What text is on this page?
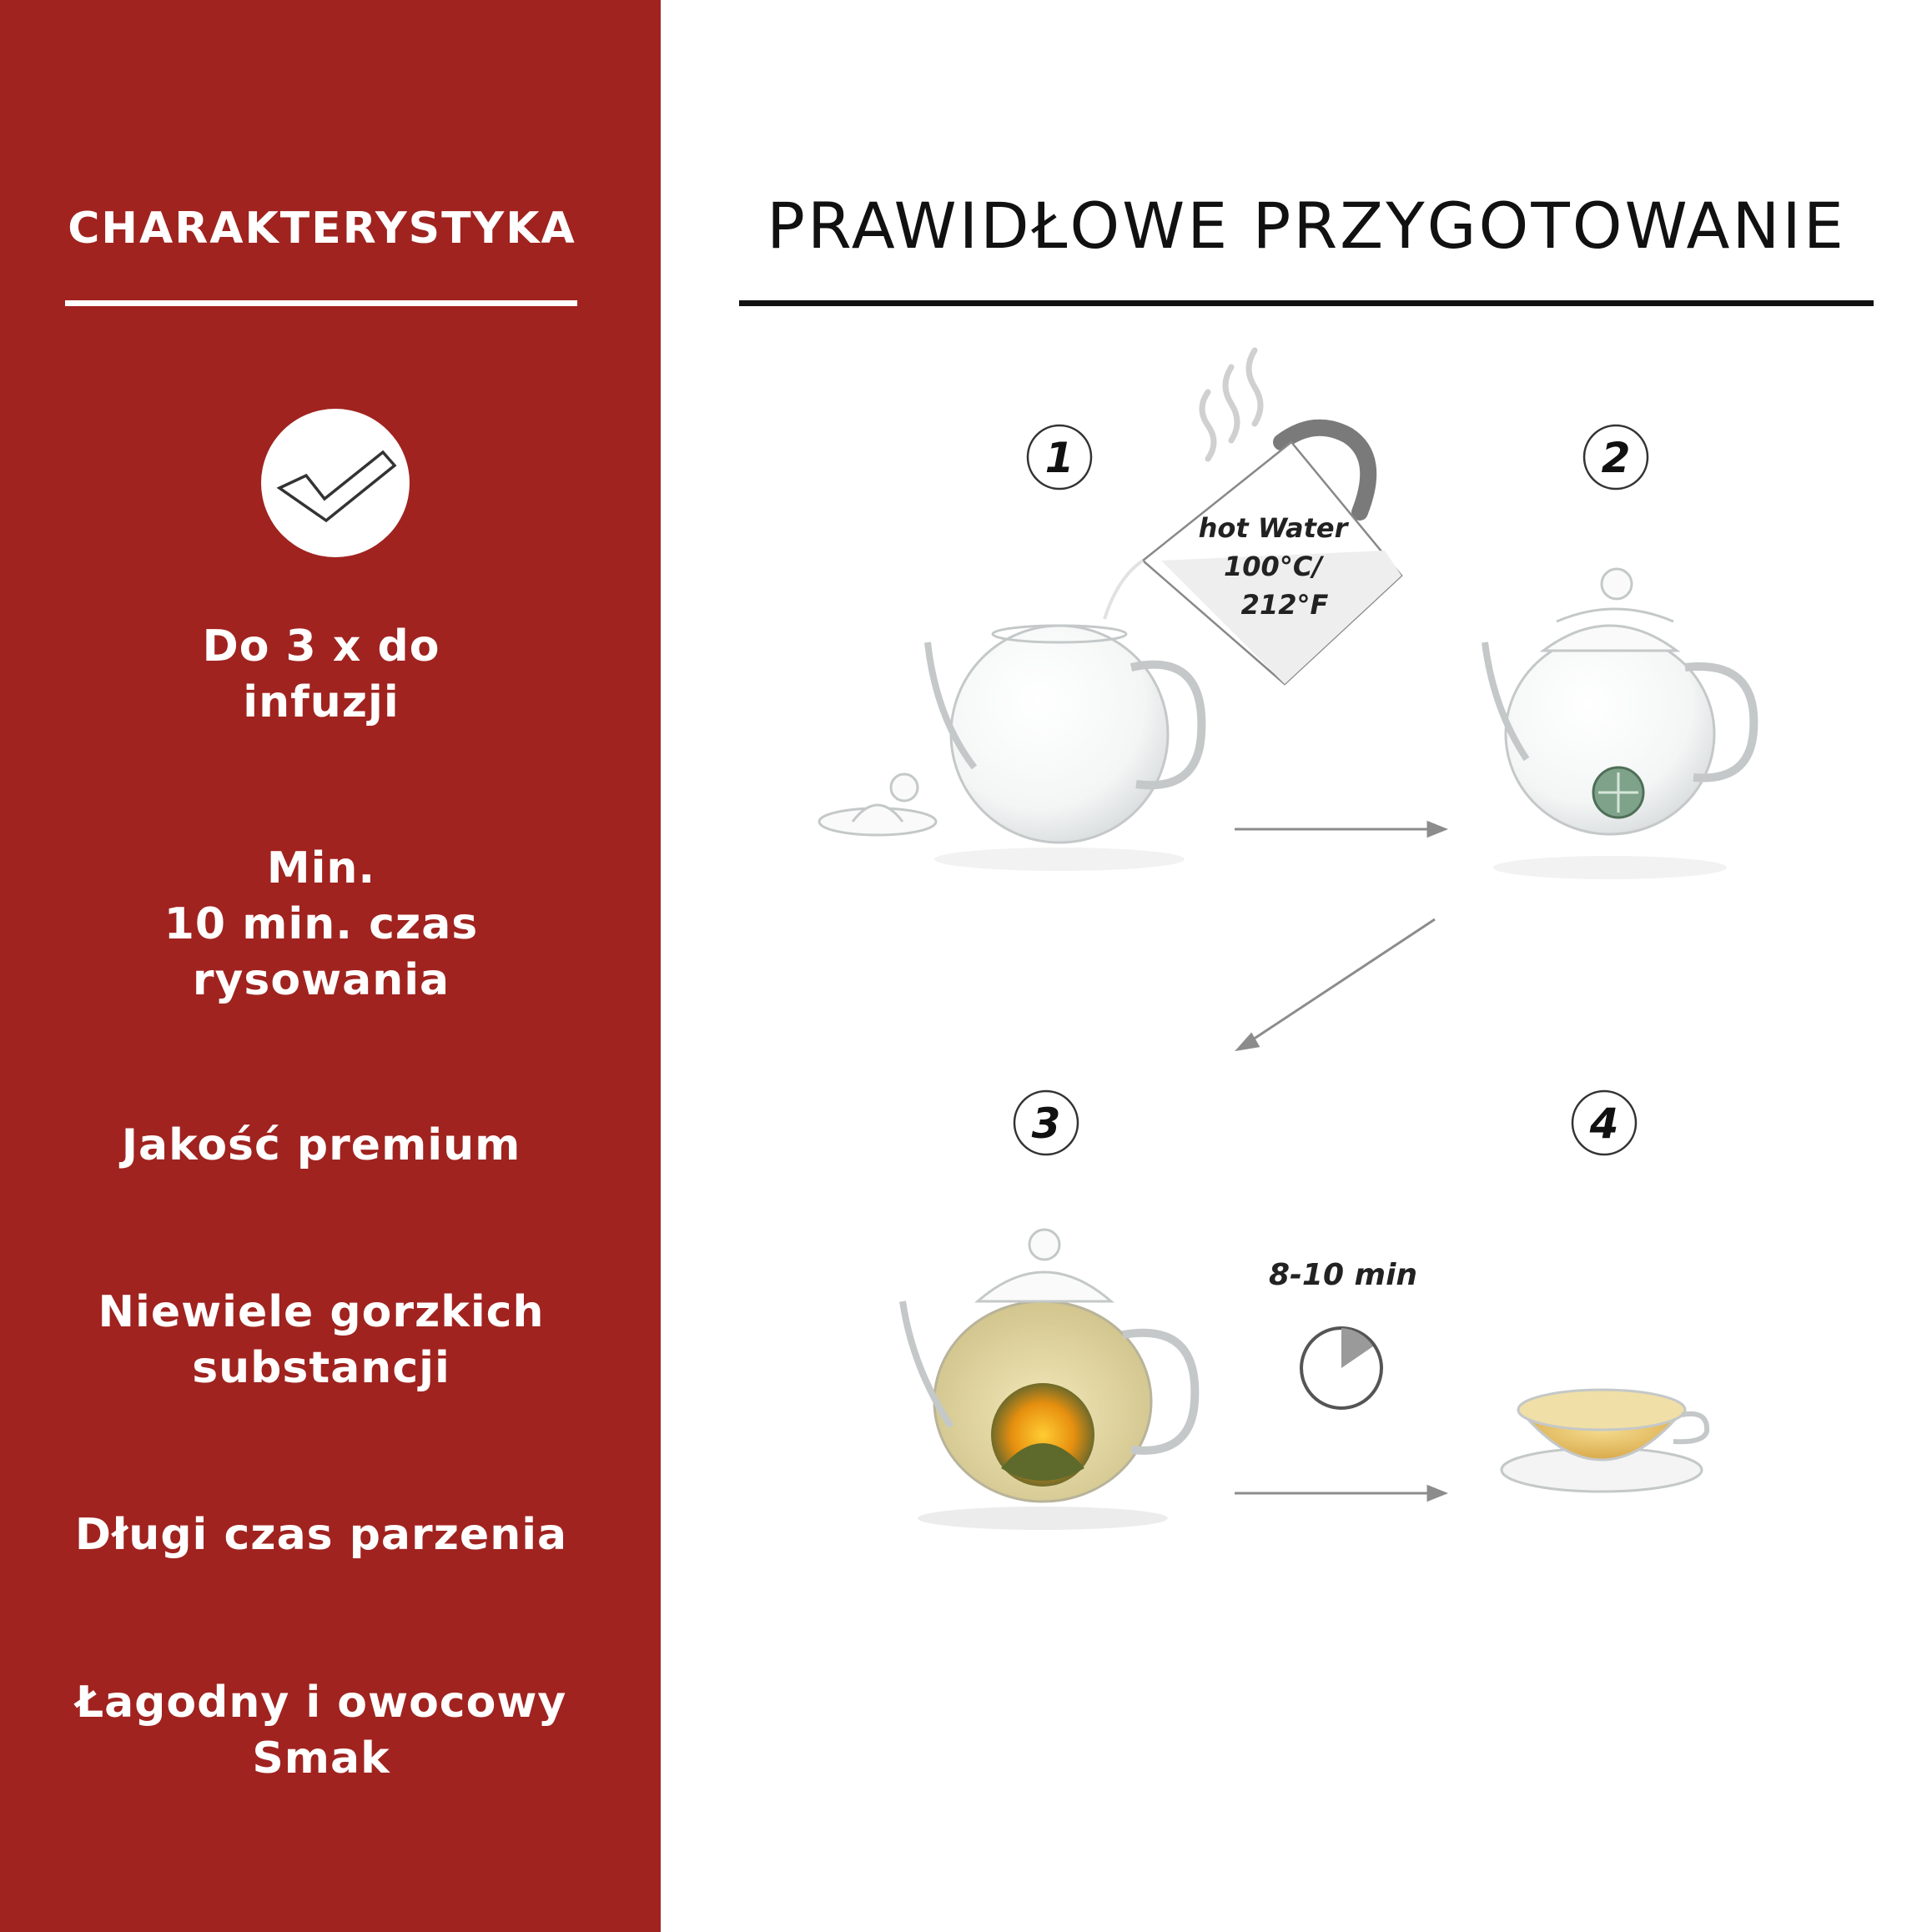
CHARAKTERYSTYKA
Do 3 x do
infuzji
Min.
10 min. czas
rysowania
Jakość premium
Niewiele gorzkich
substancji
Długi czas parzenia
Łagodny i owocowy
Smak
PRAWIDŁOWE PRZYGOTOWANIE
1	2
3	4
hot Water
100°C/
212°F
8-10 min
